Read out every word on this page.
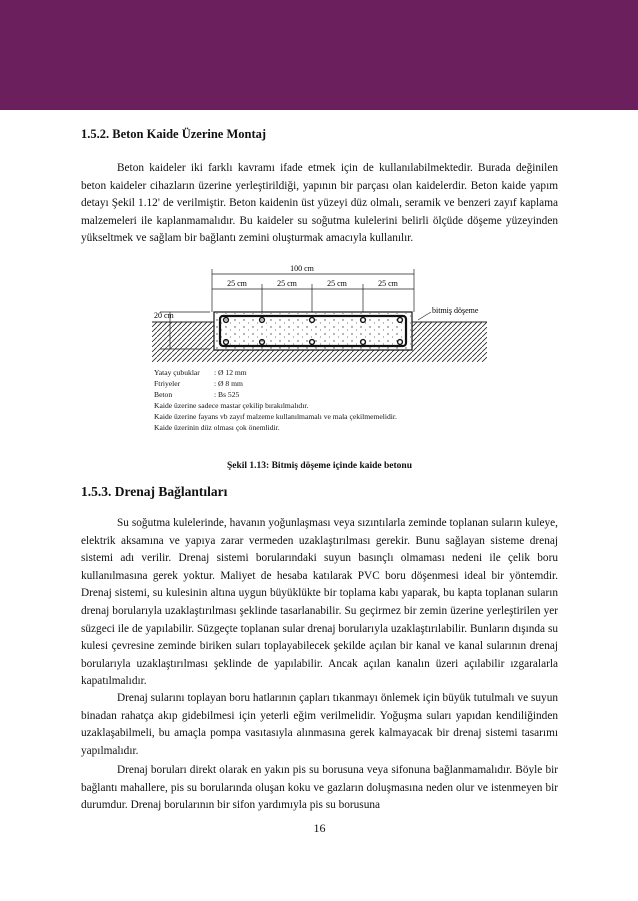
1.5.2. Beton Kaide Üzerine Montaj

Beton kaideler iki farklı kavramı ifade etmek için de kullanılabilmektedir. Burada değinilen beton kaideler cihazların üzerine yerleştirildiği, yapının bir parçası olan kaidelerdir. Beton kaide yapım detayı Şekil 1.12' de verilmiştir. Beton kaidenin üst yüzeyi düz olmalı, seramik ve benzeri zayıf kaplama malzemeleri ile kaplanmamalıdır. Bu kaideler su soğutma kulelerini belirli ölçüde döşeme yüzeyinden yükseltmek ve sağlam bir bağlantı zemini oluşturmak amacıyla kullanılır.

100 cm
25 cm	25 cm	25 cm	25 cm
20 cm
bitmiş döşeme
Yatay çubuklar : Ø 12 mm
Ftriyeler	: Ø 8 mm
Beton	: Bs 525
Kaide üzerine sadece mastar çekilip bırakılmalıdır.
Kaide üzerine fayans vb zayıf malzeme kullanılmamalı ve mala çekilmemelidir.
Kaide üzerinin düz olması çok önemlidir.
Şekil 1.13: Bitmiş döşeme içinde kaide betonu
1.5.3. Drenaj Bağlantıları

Su soğutma kulelerinde, havanın yoğunlaşması veya sızıntılarla zeminde toplanan suların kuleye, elektrik aksamına ve yapıya zarar vermeden uzaklaştırılması gerekir. Bunu sağlayan sisteme drenaj sistemi adı verilir. Drenaj sistemi borularındaki suyun basınçlı olmaması nedeni ile çelik boru kullanılmasına gerek yoktur. Maliyet de hesaba katılarak PVC boru döşenmesi ideal bir yöntemdir. Drenaj sistemi, su kulesinin altına uygun büyüklükte bir toplama kabı yaparak, bu kapta toplanan suların drenaj borularıyla uzaklaştırılması şeklinde tasarlanabilir. Su geçirmez bir zemin üzerine yerleştirilen yer süzgeci ile de yapılabilir. Süzgeçte toplanan sular drenaj borularıyla uzaklaştırılabilir. Bunların dışında su kulesi çevresine zeminde biriken suları toplayabilecek şekilde açılan bir kanal ve kanal sularının drenaj borularıyla uzaklaştırılması şeklinde de yapılabilir. Ancak açılan kanalın üzeri açılabilir ızgaralarla kapatılmalıdır.

Drenaj sularını toplayan boru hatlarının çapları tıkanmayı önlemek için büyük tutulmalı ve suyun binadan rahatça akıp gidebilmesi için yeterli eğim verilmelidir. Yoğuşma suları yapıdan kendiliğinden uzaklaşabilmeli, bu amaçla pompa vasıtasıyla alınmasına gerek kalmayacak bir drenaj sistemi tasarımı yapılmalıdır.

Drenaj boruları direkt olarak en yakın pis su borusuna veya sifonuna bağlanmamalıdır. Böyle bir bağlantı mahallere, pis su borularında oluşan koku ve gazların doluşmasına neden olur ve istenmeyen bir durumdur. Drenaj borularının bir sifon yardımıyla pis su borusuna

16
